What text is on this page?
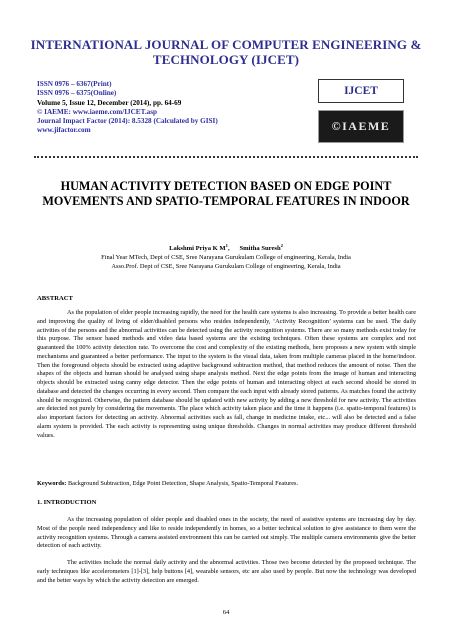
INTERNATIONAL JOURNAL OF COMPUTER ENGINEERING &
TECHNOLOGY (IJCET)
ISSN 0976 – 6367(Print)
ISSN 0976 – 6375(Online)
Volume 5, Issue 12, December (2014), pp. 64-69
© IAEME: www.iaeme.com/IJCET.asp
Journal Impact Factor (2014): 8.5328 (Calculated by GISI)
www.jifactor.com
IJCET
©IAEME
HUMAN ACTIVITY DETECTION BASED ON EDGE POINT MOVEMENTS AND SPATIO-TEMPORAL FEATURES IN INDOOR
Lakshmi Priya K $M^1$,      Smitha Suresh$^2$
Final Year MTech, Dept of CSE, Sree Narayana Gurukulam College of engineering, Kerala, India
Asso.Prof. Dept of CSE, Sree Narayana Gurukulam College of engineering, Kerala, India
ABSTRACT

As the population of elder people increasing rapidly, the need for the health care systems is also increasing. To provide a better health care and improving the quality of living of elder/disabled persons who resides independently, ‘Activity Recognition’ systems can be used. The daily activities of the persons and the abnormal activities can be detected using the activity recognition systems. There are so many methods exist today for this purpose. The sensor based methods and video data based systems are the existing techniques. Often these systems are complex and not guaranteed the 100% activity detection rate. To overcome the cost and complexity of the existing methods, here proposes a new system with simple mechanisms and guaranteed a better performance. The input to the system is the visual data, taken from multiple cameras placed in the home/indoor. Then the foreground objects should be extracted using adaptive background subtraction method, that method reduces the amount of noise. Then the shapes of the objects and human should be analysed using shape analysis method. Next the edge points from the image of human and interacting objects should be extracted using canny edge detector. Then the edge points of human and interacting object at each second should be stored in database and detected the changes occurring in every second. Then compare the each input with already stored patterns. As matches found the activity should be recognized. Otherwise, the pattern database should be updated with new activity by adding a new threshold for new activity. The activities are detected not purely by considering the movements. The place which activity taken place and the time it happens (i.e. spatio-temporal features) is also important factors for detecting an activity. Abnormal activities such as fall, change in medicine intake, etc... will also be detected and a false alarm system is provided. The each activity is representing using unique thresholds. Changes in normal activities may produce different threshold values.

Keywords: Background Subtraction, Edge Point Detection, Shape Analysis, Spatio-Temporal Features.

1. INTRODUCTION

As the increasing population of older people and disabled ones in the society, the need of assistive systems are increasing day by day. Most of the people need independency and like to reside independently in homes, so a better technical solution to give assistance to them were the activity recognition systems. Through a camera assisted environment this can be carried out simply. The multiple camera environments give the better detection of each activity.

The activities include the normal daily activity and the abnormal activities. Those two become detected by the proposed technique. The early techniques like accelerometers [1]-[3], help buttons [4], wearable sensors, etc are also used by people. But now the technology was developed and the better ways by which the activity detection are emerged.

64
